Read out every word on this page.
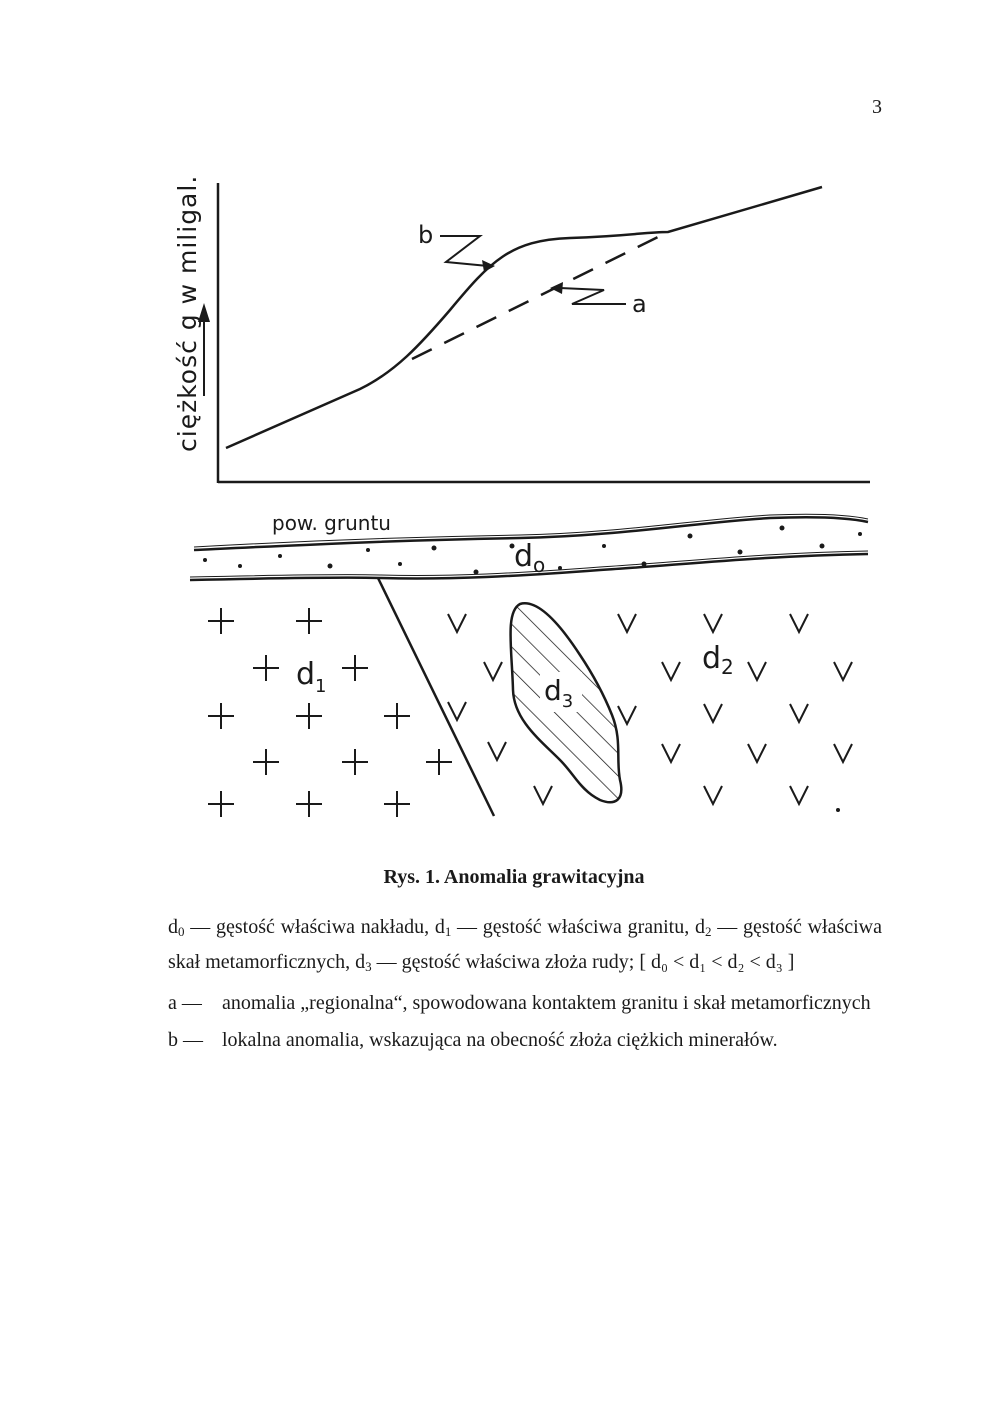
3
ciężkość g w miligal.	b
a
pow. gruntu
$d_o$
$d_1$
$d_2$
$d_3$
Rys. 1. Anomalia grawitacyjna

$d_0$ — gęstość właściwa nakładu, $d_1$ — gęstość właściwa granitu, $d_2$ — gęstość właściwa skał metamorficznych, $d_3$ — gęstość właściwa złoża rudy; [ d₀ < d₁ < d₂ < d₃ ]

a —	anomalia „regionalna“, spowodowana kontaktem granitu i skał metamorficznych
b — lokalna anomalia, wskazująca na obecność złoża ciężkich minerałów.
